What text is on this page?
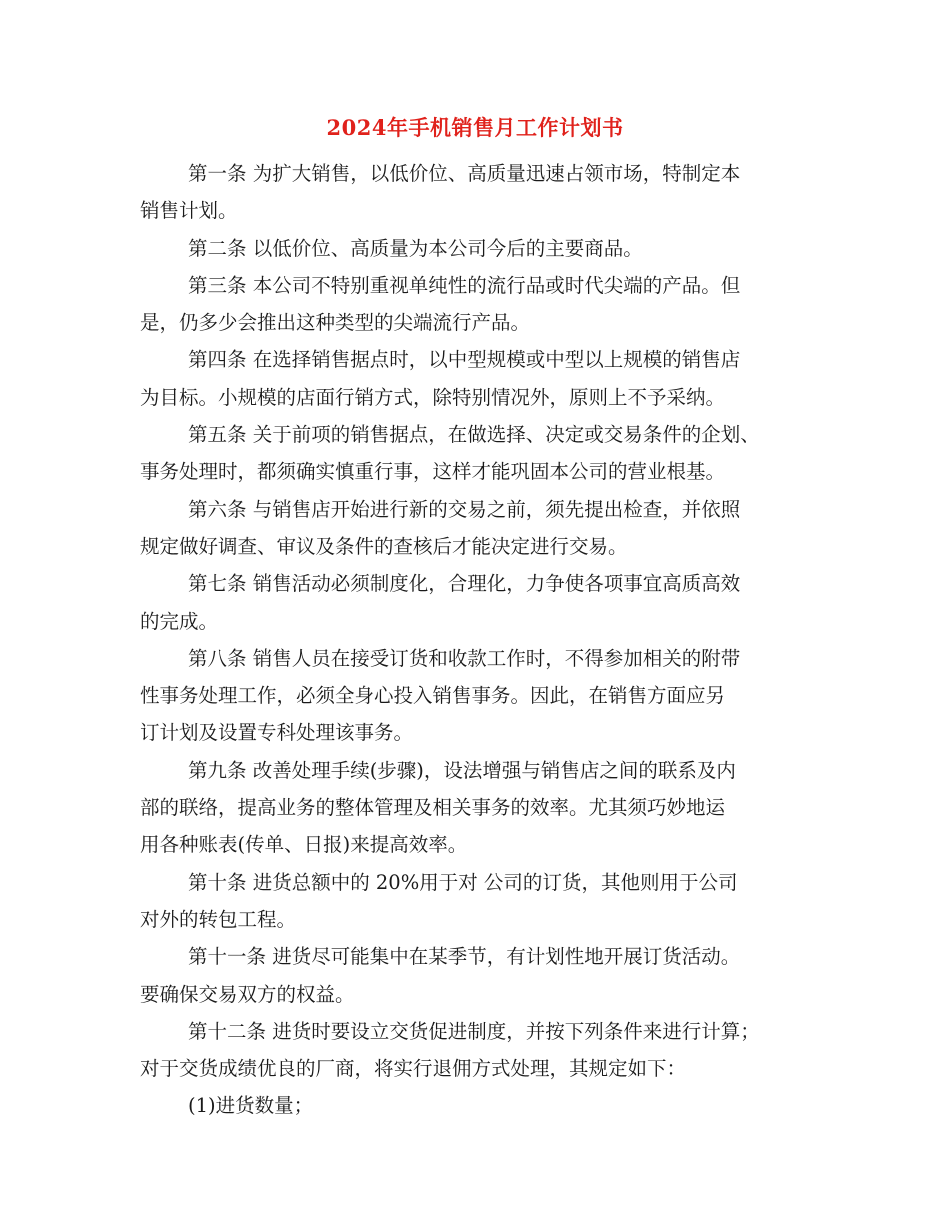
2024年手机销售月工作计划书
第一条 为扩大销售，以低价位、高质量迅速占领市场，特制定本
销售计划。
第二条 以低价位、高质量为本公司今后的主要商品。
第三条 本公司不特别重视单纯性的流行品或时代尖端的产品。但
是，仍多少会推出这种类型的尖端流行产品。
第四条 在选择销售据点时，以中型规模或中型以上规模的销售店
为目标。小规模的店面行销方式，除特别情况外，原则上不予采纳。
第五条 关于前项的销售据点，在做选择、决定或交易条件的企划、
事务处理时，都须确实慎重行事，这样才能巩固本公司的营业根基。
第六条 与销售店开始进行新的交易之前，须先提出检查，并依照
规定做好调查、审议及条件的查核后才能决定进行交易。
第七条 销售活动必须制度化，合理化，力争使各项事宜高质高效
的完成。
第八条 销售人员在接受订货和收款工作时，不得参加相关的附带
性事务处理工作，必须全身心投入销售事务。因此，在销售方面应另
订计划及设置专科处理该事务。
第九条 改善处理手续(步骤)，设法增强与销售店之间的联系及内
部的联络，提高业务的整体管理及相关事务的效率。尤其须巧妙地运
用各种账表(传单、日报)来提高效率。
第十条 进货总额中的 20%用于对 公司的订货，其他则用于公司
对外的转包工程。
第十一条 进货尽可能集中在某季节，有计划性地开展订货活动。
要确保交易双方的权益。
第十二条 进货时要设立交货促进制度，并按下列条件来进行计算；
对于交货成绩优良的厂商，将实行退佣方式处理，其规定如下：
(1)进货数量；
